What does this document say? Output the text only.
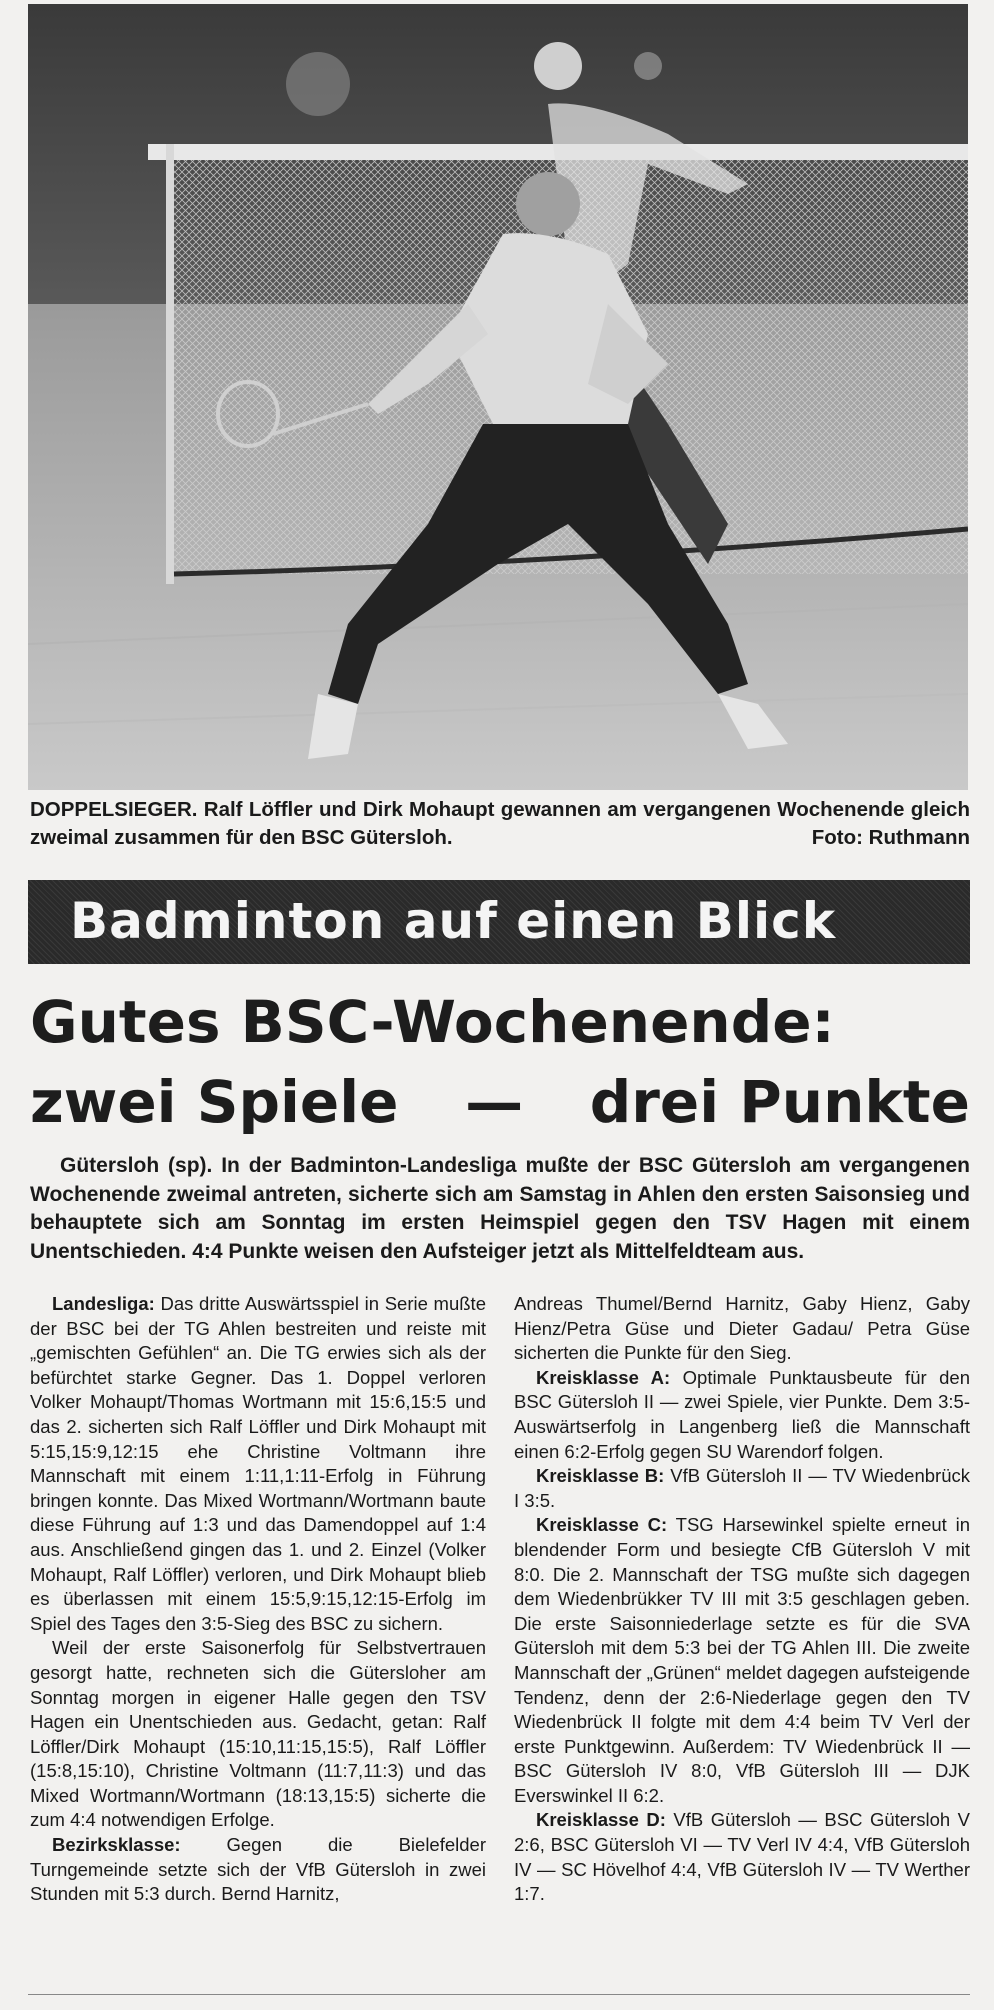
DOPPELSIEGER. Ralf Löffler und Dirk Mohaupt gewannen am vergangenen Wochenende gleich zweimal zusammen für den BSC Gütersloh.	Foto: Ruthmann

Badminton auf einen Blick
Gutes BSC-Wochenende:
zwei Spiele — drei Punkte

Gütersloh (sp). In der Badminton-Landesliga mußte der BSC Gütersloh am vergangenen Wochenende zweimal antreten, sicherte sich am Samstag in Ahlen den ersten Saisonsieg und behauptete sich am Sonntag im ersten Heimspiel gegen den TSV Hagen mit einem Unentschieden. 4:4 Punkte weisen den Aufsteiger jetzt als Mittelfeldteam aus.

Landesliga: Das dritte Auswärtsspiel in Serie mußte der BSC bei der TG Ahlen bestreiten und reiste mit „gemischten Gefühlen“ an. Die TG erwies sich als der befürchtet starke Gegner. Das 1. Doppel verloren Volker Mohaupt/Thomas Wortmann mit 15:6,15:5 und das 2. sicherten sich Ralf Löffler und Dirk Mohaupt mit 5:15,15:9,12:15 ehe Christine Voltmann ihre Mannschaft mit einem 1:11,1:11-Erfolg in Führung bringen konnte. Das Mixed Wortmann/Wortmann baute diese Führung auf 1:3 und das Damendoppel auf 1:4 aus. Anschließend gingen das 1. und 2. Einzel (Volker Mohaupt, Ralf Löffler) verloren, und Dirk Mohaupt blieb es überlassen mit einem 15:5,9:15,12:15-Erfolg im Spiel des Tages den 3:5-Sieg des BSC zu sichern.

Weil der erste Saisonerfolg für Selbstvertrauen gesorgt hatte, rechneten sich die Gütersloher am Sonntag morgen in eigener Halle gegen den TSV Hagen ein Unentschieden aus. Gedacht, getan: Ralf Löffler/Dirk Mohaupt (15:10,11:15,15:5), Ralf Löffler (15:8,15:10), Christine Voltmann (11:7,11:3) und das Mixed Wortmann/Wortmann (18:13,15:5) sicherte die zum 4:4 notwendigen Erfolge.

Bezirksklasse: Gegen die Bielefelder Turngemeinde setzte sich der VfB Gütersloh in zwei Stunden mit 5:3 durch. Bernd Harnitz,

Andreas Thumel/Bernd Harnitz, Gaby Hienz, Gaby Hienz/Petra Güse und Dieter Gadau/ Petra Güse sicherten die Punkte für den Sieg.

Kreisklasse A: Optimale Punktausbeute für den BSC Gütersloh II — zwei Spiele, vier Punkte. Dem 3:5-Auswärtserfolg in Langenberg ließ die Mannschaft einen 6:2-Erfolg gegen SU Warendorf folgen.

Kreisklasse B: VfB Gütersloh II — TV Wiedenbrück I 3:5.

Kreisklasse C: TSG Harsewinkel spielte erneut in blendender Form und besiegte CfB Gütersloh V mit 8:0. Die 2. Mannschaft der TSG mußte sich dagegen dem Wiedenbrükker TV III mit 3:5 geschlagen geben. Die erste Saisonniederlage setzte es für die SVA Gütersloh mit dem 5:3 bei der TG Ahlen III. Die zweite Mannschaft der „Grünen“ meldet dagegen aufsteigende Tendenz, denn der 2:6-Niederlage gegen den TV Wiedenbrück II folgte mit dem 4:4 beim TV Verl der erste Punktgewinn. Außerdem: TV Wiedenbrück II — BSC Gütersloh IV 8:0, VfB Gütersloh III — DJK Everswinkel II 6:2.

Kreisklasse D: VfB Gütersloh — BSC Gütersloh V 2:6, BSC Gütersloh VI — TV Verl IV 4:4, VfB Gütersloh IV — SC Hövelhof 4:4, VfB Gütersloh IV — TV Werther 1:7.
